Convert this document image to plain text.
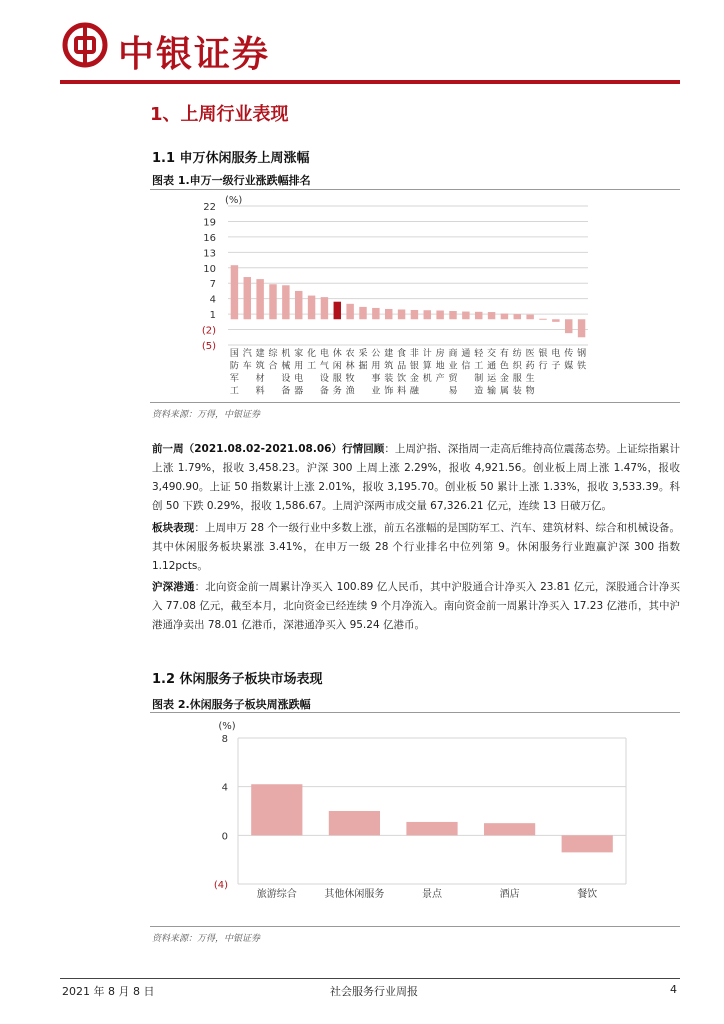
中银证券
1、上周行业表现
1.1 申万休闲服务上周涨幅
图表 1.申万一级行业涨跌幅排名
(%)
22
19
16
13
10
7
4
1
(2)
(5)
国防军工
汽车
建筑材料
综合
机械设备
家用电器
化工
电气设备
休闲服务
农林牧渔
采掘
公用事业
建筑装饰
食品饮料
非银金融
计算机
房地产
商业贸易
通信
轻工制造
交通运输
有色金属
纺织服装
医药生物
银行
电子
传媒
钢铁
资料来源：万得，中银证券
前一周（2021.08.02-2021.08.06）行情回顾：上周沪指、深指周一走高后维持高位震荡态势。上证综指累计上涨 1.79%，报收 3,458.23。沪深 300 上周上涨 2.29%，报收 4,921.56。创业板上周上涨 1.47%，报收 3,490.90。上证 50 指数累计上涨 2.01%，报收 3,195.70。创业板 50 累计上涨 1.33%，报收 3,533.39。科创 50 下跌 0.29%，报收 1,586.67。上周沪深两市成交量 67,326.21 亿元，连续 13 日破万亿。
板块表现：上周申万 28 个一级行业中多数上涨，前五名涨幅的是国防军工、汽车、建筑材料、综合和机械设备。其中休闲服务板块累涨 3.41%，在申万一级 28 个行业排名中位列第 9。休闲服务行业跑赢沪深 300 指数 1.12pcts。
沪深港通：北向资金前一周累计净买入 100.89 亿人民币，其中沪股通合计净买入 23.81 亿元，深股通合计净买入 77.08 亿元，截至本月，北向资金已经连续 9 个月净流入。南向资金前一周累计净买入 17.23 亿港币，其中沪港通净卖出 78.01 亿港币，深港通净买入 95.24 亿港币。
1.2 休闲服务子板块市场表现
图表 2.休闲服务子板块周涨跌幅
(%)
8
4
0
(4)
旅游综合	其他休闲服务	景点	酒店	餐饮
资料来源：万得，中银证券
2021 年 8 月 8 日	社会服务行业周报	4
